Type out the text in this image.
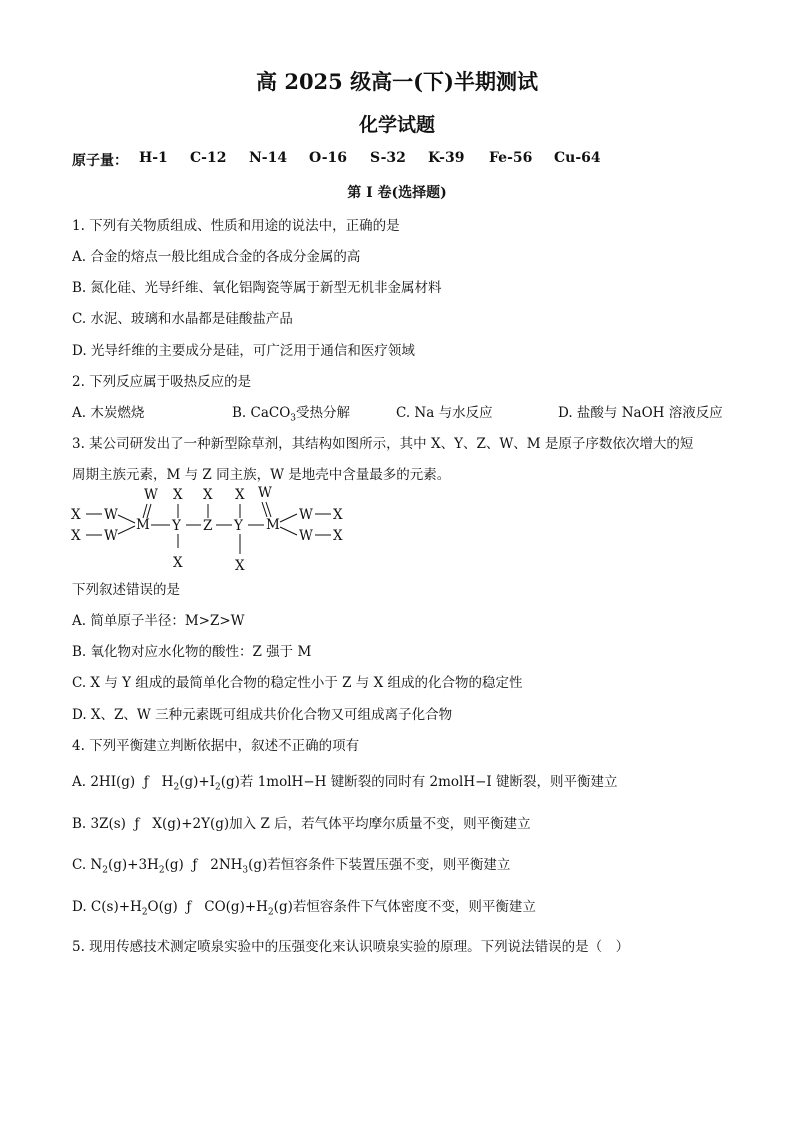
高 2025 级高一(下)半期测试
化学试题
原子量： H-1 C-12 N-14 O-16 S-32 K-39 Fe-56 Cu-64
第 I 卷(选择题)
1. 下列有关物质组成、性质和用途的说法中，正确的是
A. 合金的熔点一般比组成合金的各成分金属的高
B. 氮化硅、光导纤维、氧化铝陶瓷等属于新型无机非金属材料
C. 水泥、玻璃和水晶都是硅酸盐产品
D. 光导纤维的主要成分是硅，可广泛用于通信和医疗领域
2. 下列反应属于吸热反应的是
A. 木炭燃烧	B. CaCO$_3$受热分解	C. Na 与水反应	D. 盐酸与 NaOH 溶液反应
3. 某公司研发出了一种新型除草剂，其结构如图所示，其中 X、Y、Z、W、M 是原子序数依次增大的短
周期主族元素，M 与 Z 同主族，W 是地壳中含量最多的元素。
X W
X W
M
W
Y
X
X
Z
X
Y
X
X
M
W
W X
W X
下列叙述错误的是
A. 简单原子半径：M>Z>W
B. 氧化物对应水化物的酸性：Z 强于 M
C. X 与 Y 组成的最简单化合物的稳定性小于 Z 与 X 组成的化合物的稳定性
D. X、Z、W 三种元素既可组成共价化合物又可组成离子化合物
4. 下列平衡建立判断依据中，叙述不正确的项有
A. 2HI(g) ƒ $H_2(g)+I_2(g)$若 1molH−H 键断裂的同时有 2molH−I 键断裂，则平衡建立
B. 3Z(s) ƒ X(g)+2Y(g)加入 Z 后，若气体平均摩尔质量不变，则平衡建立
C. $N_2(g)+3H_2(g)$ ƒ $2NH_3(g)$若恒容条件下装置压强不变，则平衡建立
D. $C(s)+H_2O(g)$ ƒ $CO(g)+H_2(g)$若恒容条件下气体密度不变，则平衡建立
5. 现用传感技术测定喷泉实验中的压强变化来认识喷泉实验的原理。下列说法错误的是（　）
